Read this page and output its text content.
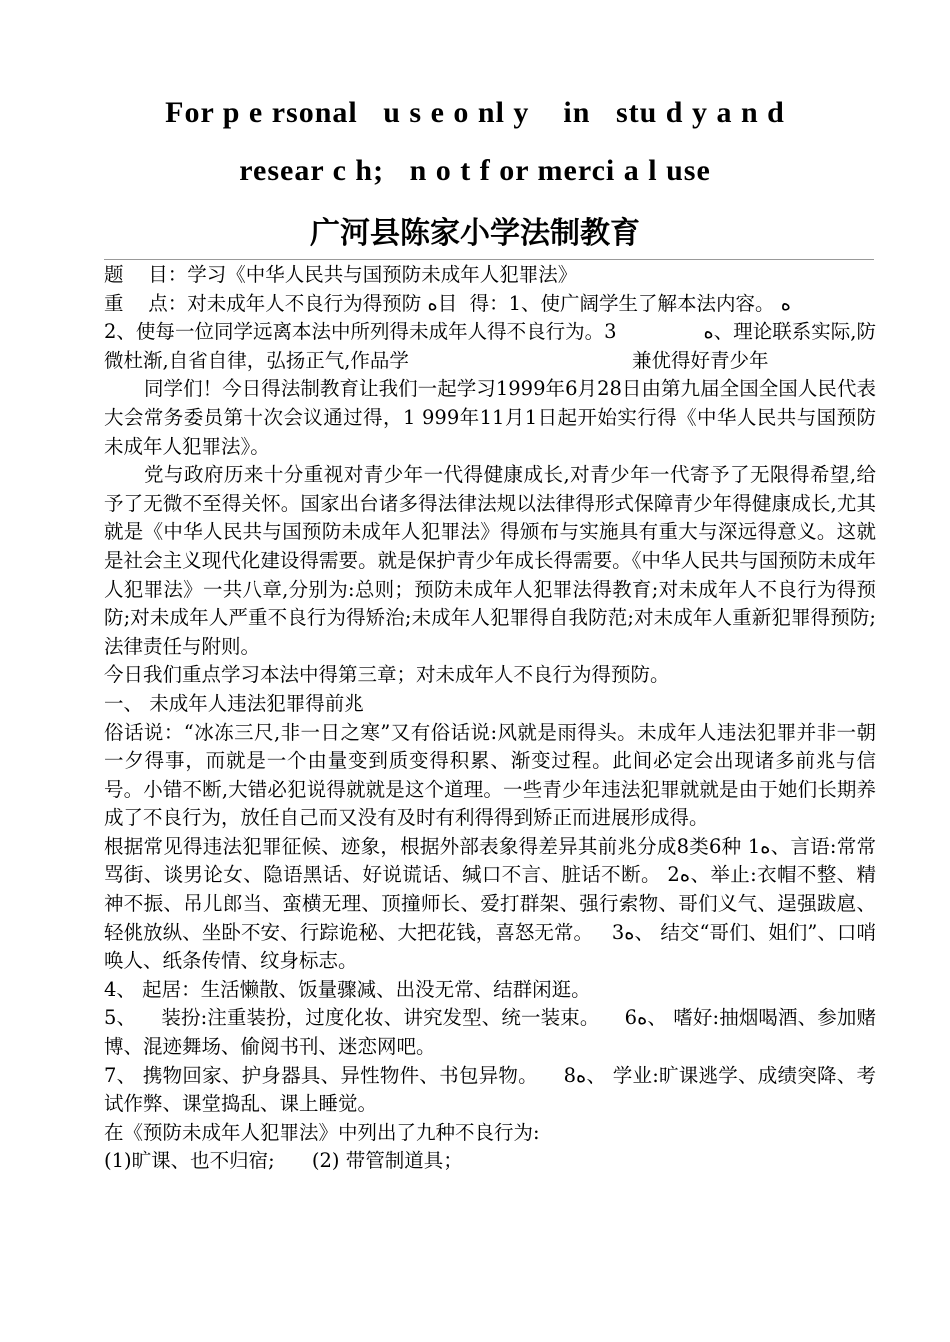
For p e rsonal   u s e o nl y    in   stu d y a n d
resear c h;   n o t f or merci a l use
广河县陈家小学法制教育

题    目：学习《中华人民共与国预防未成年人犯罪法》

重    点：对未成年人不良行为得预防 ﻩ目  得：1、使广阔学生了解本法内容。 ﻩ

2、使每一位同学远离本法中所列得未成年人得不良行为。3              ﻩ、理论联系实际,防微杜渐,自省自律，弘扬正气,作品学                                    兼优得好青少年

同学们！今日得法制教育让我们一起学习1999年6月28日由第九届全国全国人民代表大会常务委员第十次会议通过得，1 999年11月1日起开始实行得《中华人民共与国预防未成年人犯罪法》。

党与政府历来十分重视对青少年一代得健康成长,对青少年一代寄予了无限得希望,给予了无微不至得关怀。国家出台诸多得法律法规以法律得形式保障青少年得健康成长,尤其就是《中华人民共与国预防未成年人犯罪法》得颁布与实施具有重大与深远得意义。这就是社会主义现代化建设得需要。就是保护青少年成长得需要。《中华人民共与国预防未成年人犯罪法》一共八章,分别为:总则；预防未成年人犯罪法得教育;对未成年人不良行为得预防;对未成年人严重不良行为得矫治;未成年人犯罪得自我防范;对未成年人重新犯罪得预防;法律责任与附则。

今日我们重点学习本法中得第三章；对未成年人不良行为得预防。

一、 未成年人违法犯罪得前兆

俗话说：“冰冻三尺,非一日之寒”又有俗话说:风就是雨得头。未成年人违法犯罪并非一朝一夕得事，而就是一个由量变到质变得积累、渐变过程。此间必定会出现诸多前兆与信号。小错不断,大错必犯说得就就是这个道理。一些青少年违法犯罪就就是由于她们长期养成了不良行为，放任自己而又没有及时有利得得到矫正而进展形成得。

根据常见得违法犯罪征候、迹象，根据外部表象得差异其前兆分成8类6种 1ﻩ、言语:常常骂街、谈男论女、隐语黑话、好说谎话、缄口不言、脏话不断。 2ﻩ、举止:衣帽不整、精神不振、吊儿郎当、蛮横无理、顶撞师长、爱打群架、强行索物、哥们义气、逞强跋扈、轻佻放纵、坐卧不安、行踪诡秘、大把花钱，喜怒无常。   3ﻩ、 结交“哥们、姐们”、口哨唤人、纸条传情、纹身标志。

4、 起居：生活懒散、饭量骤减、出没无常、结群闲逛。

5、    装扮:注重装扮，过度化妆、讲究发型、统一装束。    6ﻩ、 嗜好:抽烟喝酒、参加赌博、混迹舞场、偷阅书刊、迷恋网吧。

7、 携物回家、护身器具、异性物件、书包异物。    8ﻩ、 学业:旷课逃学、成绩突降、考试作弊、课堂捣乱、课上睡觉。

在《预防未成年人犯罪法》中列出了九种不良行为:

(1)旷课、也不归宿;      (2) 带管制道具；
